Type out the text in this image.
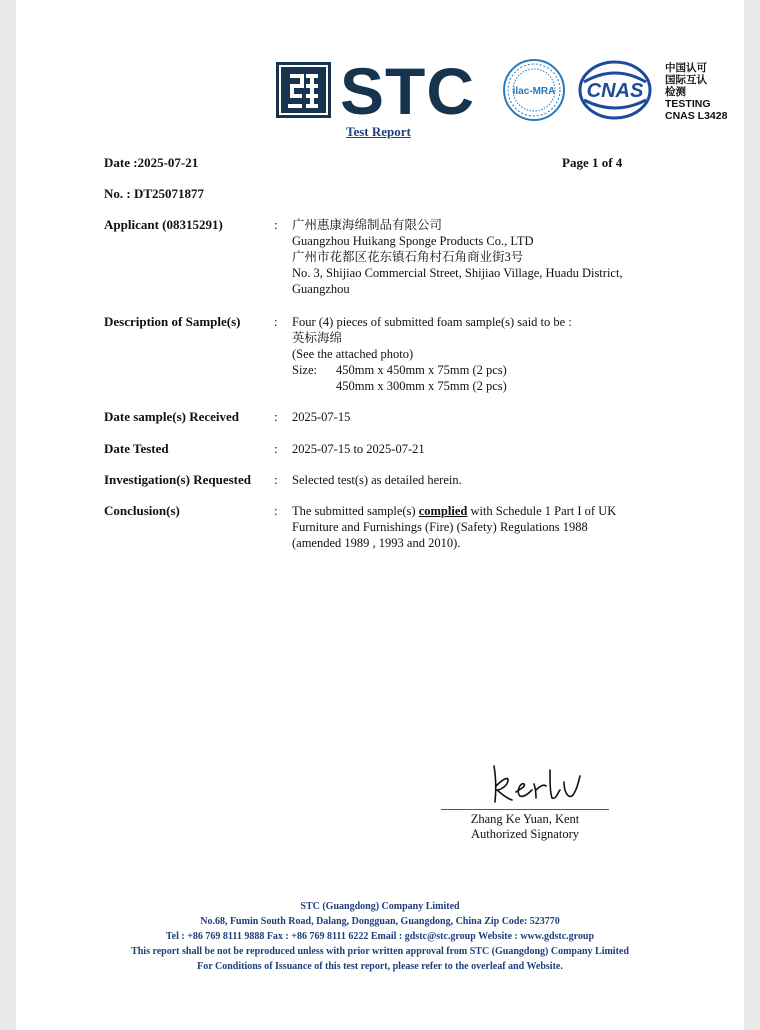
STC	ilac-MRA CNAS
中国认可
国际互认
检测
TESTING
CNAS L3428
Test Report
Date :2025-07-21	Page 1 of 4
No. : DT25071877
Applicant (08315291)	: 广州惠康海绵制品有限公司
Guangzhou Huikang Sponge Products Co., LTD
广州市花都区花东镇石角村石角商业街3号
No. 3, Shijiao Commercial Street, Shijiao Village, Huadu District,
Guangzhou
Description of Sample(s)	: Four (4) pieces of submitted foam sample(s) said to be :
英标海绵
(See the attached photo)
Size: 450mm x 450mm x 75mm (2 pcs)
450mm x 300mm x 75mm (2 pcs)
Date sample(s) Received	: 2025-07-15
Date Tested	: 2025-07-15 to 2025-07-21
Investigation(s) Requested : Selected test(s) as detailed herein.
Conclusion(s)	: The submitted sample(s) complied with Schedule 1 Part I of UK
Furniture and Furnishings (Fire) (Safety) Regulations 1988
(amended 1989 , 1993 and 2010).
Zhang Ke Yuan, Kent
Authorized Signatory
STC (Guangdong) Company Limited
No.68, Fumin South Road, Dalang, Dongguan, Guangdong, China Zip Code: 523770
Tel : +86 769 8111 9888 Fax : +86 769 8111 6222 Email : gdstc@stc.group Website : www.gdstc.group
This report shall be not be reproduced unless with prior written approval from STC (Guangdong) Company Limited
For Conditions of Issuance of this test report, please refer to the overleaf and Website.
